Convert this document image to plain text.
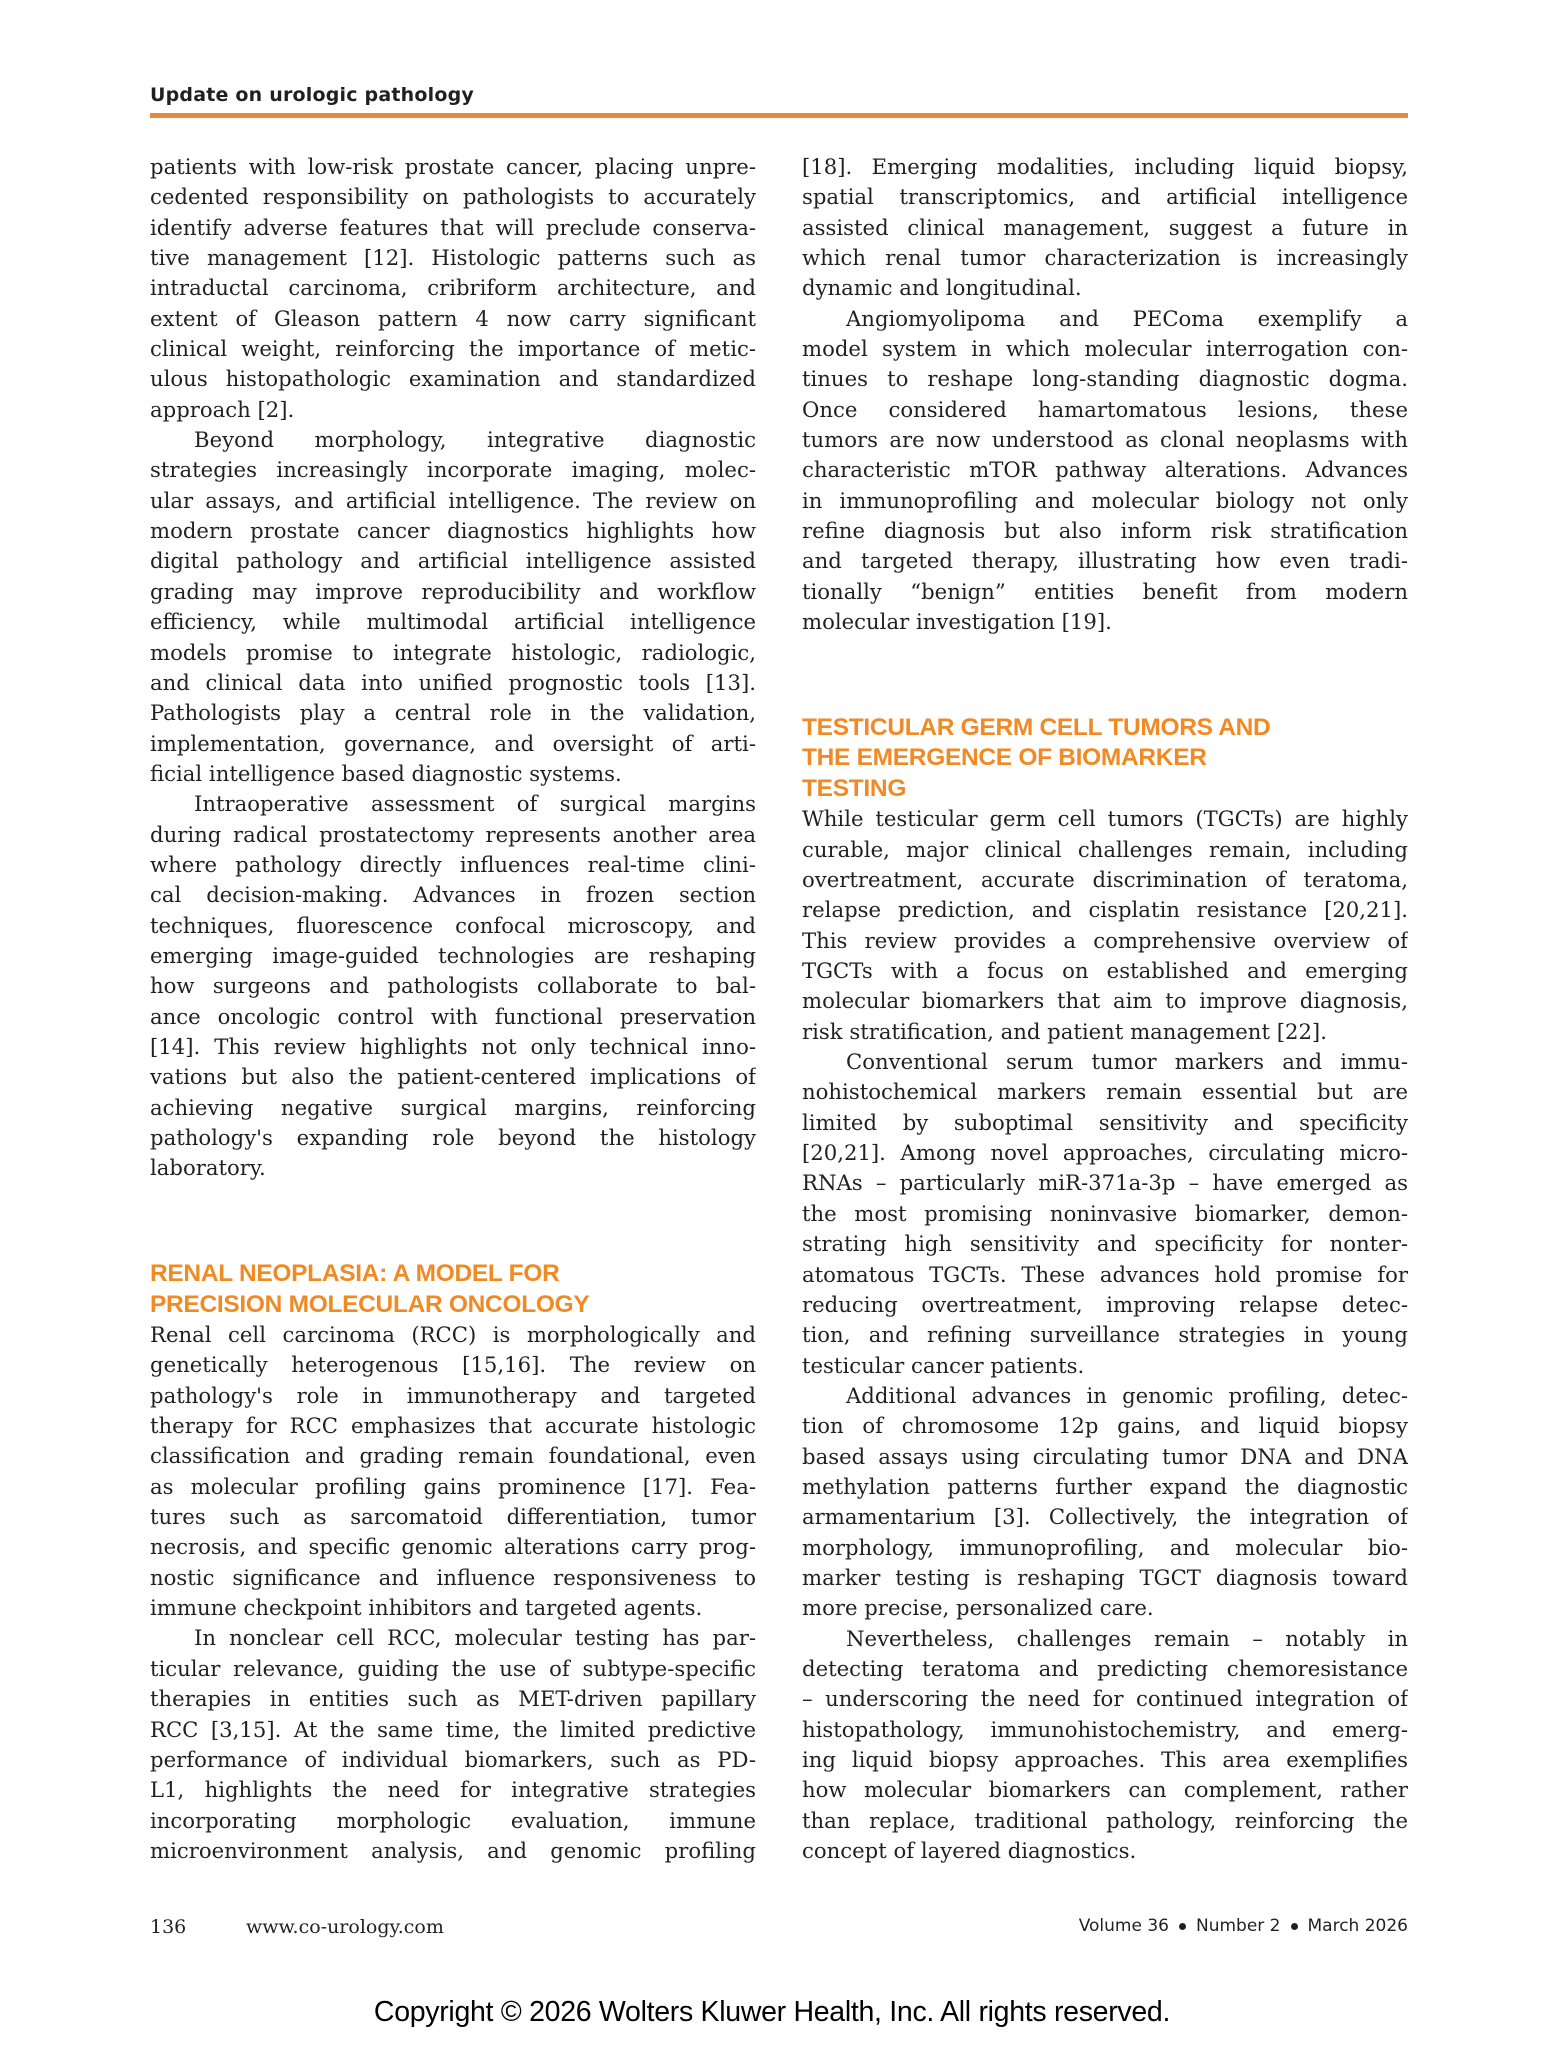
Update on urologic pathology
patients with low-risk prostate cancer, placing unpre-
cedented responsibility on pathologists to accurately
identify adverse features that will preclude conserva-
tive management [12]. Histologic patterns such as
intraductal carcinoma, cribriform architecture, and
extent of Gleason pattern 4 now carry significant
clinical weight, reinforcing the importance of metic-
ulous histopathologic examination and standardized
approach [2].
Beyond morphology, integrative diagnostic
strategies increasingly incorporate imaging, molec-
ular assays, and artificial intelligence. The review on
modern prostate cancer diagnostics highlights how
digital pathology and artificial intelligence assisted
grading may improve reproducibility and workflow
efficiency, while multimodal artificial intelligence
models promise to integrate histologic, radiologic,
and clinical data into unified prognostic tools [13].
Pathologists play a central role in the validation,
implementation, governance, and oversight of arti-
ficial intelligence based diagnostic systems.
Intraoperative assessment of surgical margins
during radical prostatectomy represents another area
where pathology directly influences real-time clini-
cal decision-making. Advances in frozen section
techniques, fluorescence confocal microscopy, and
emerging image-guided technologies are reshaping
how surgeons and pathologists collaborate to bal-
ance oncologic control with functional preservation
[14]. This review highlights not only technical inno-
vations but also the patient-centered implications of
achieving negative surgical margins, reinforcing
pathology's expanding role beyond the histology
laboratory.
RENAL NEOPLASIA: A MODEL FOR
PRECISION MOLECULAR ONCOLOGY
Renal cell carcinoma (RCC) is morphologically and
genetically heterogenous [15,16]. The review on
pathology's role in immunotherapy and targeted
therapy for RCC emphasizes that accurate histologic
classification and grading remain foundational, even
as molecular profiling gains prominence [17]. Fea-
tures such as sarcomatoid differentiation, tumor
necrosis, and specific genomic alterations carry prog-
nostic significance and influence responsiveness to
immune checkpoint inhibitors and targeted agents.
In nonclear cell RCC, molecular testing has par-
ticular relevance, guiding the use of subtype-specific
therapies in entities such as MET-driven papillary
RCC [3,15]. At the same time, the limited predictive
performance of individual biomarkers, such as PD-
L1, highlights the need for integrative strategies
incorporating morphologic evaluation, immune
microenvironment analysis, and genomic profiling
[18]. Emerging modalities, including liquid biopsy,
spatial transcriptomics, and artificial intelligence
assisted clinical management, suggest a future in
which renal tumor characterization is increasingly
dynamic and longitudinal.
Angiomyolipoma and PEComa exemplify a
model system in which molecular interrogation con-
tinues to reshape long-standing diagnostic dogma.
Once considered hamartomatous lesions, these
tumors are now understood as clonal neoplasms with
characteristic mTOR pathway alterations. Advances
in immunoprofiling and molecular biology not only
refine diagnosis but also inform risk stratification
and targeted therapy, illustrating how even tradi-
tionally “benign” entities benefit from modern
molecular investigation [19].
TESTICULAR GERM CELL TUMORS AND
THE EMERGENCE OF BIOMARKER
TESTING
While testicular germ cell tumors (TGCTs) are highly
curable, major clinical challenges remain, including
overtreatment, accurate discrimination of teratoma,
relapse prediction, and cisplatin resistance [20,21].
This review provides a comprehensive overview of
TGCTs with a focus on established and emerging
molecular biomarkers that aim to improve diagnosis,
risk stratification, and patient management [22].
Conventional serum tumor markers and immu-
nohistochemical markers remain essential but are
limited by suboptimal sensitivity and specificity
[20,21]. Among novel approaches, circulating micro-
RNAs – particularly miR-371a-3p – have emerged as
the most promising noninvasive biomarker, demon-
strating high sensitivity and specificity for nonter-
atomatous TGCTs. These advances hold promise for
reducing overtreatment, improving relapse detec-
tion, and refining surveillance strategies in young
testicular cancer patients.
Additional advances in genomic profiling, detec-
tion of chromosome 12p gains, and liquid biopsy
based assays using circulating tumor DNA and DNA
methylation patterns further expand the diagnostic
armamentarium [3]. Collectively, the integration of
morphology, immunoprofiling, and molecular bio-
marker testing is reshaping TGCT diagnosis toward
more precise, personalized care.
Nevertheless, challenges remain – notably in
detecting teratoma and predicting chemoresistance
– underscoring the need for continued integration of
histopathology, immunohistochemistry, and emerg-
ing liquid biopsy approaches. This area exemplifies
how molecular biomarkers can complement, rather
than replace, traditional pathology, reinforcing the
concept of layered diagnostics.
136	www.co-urology.com	Volume 36 Number 2 March 2026
Copyright © 2026 Wolters Kluwer Health, Inc. All rights reserved.
